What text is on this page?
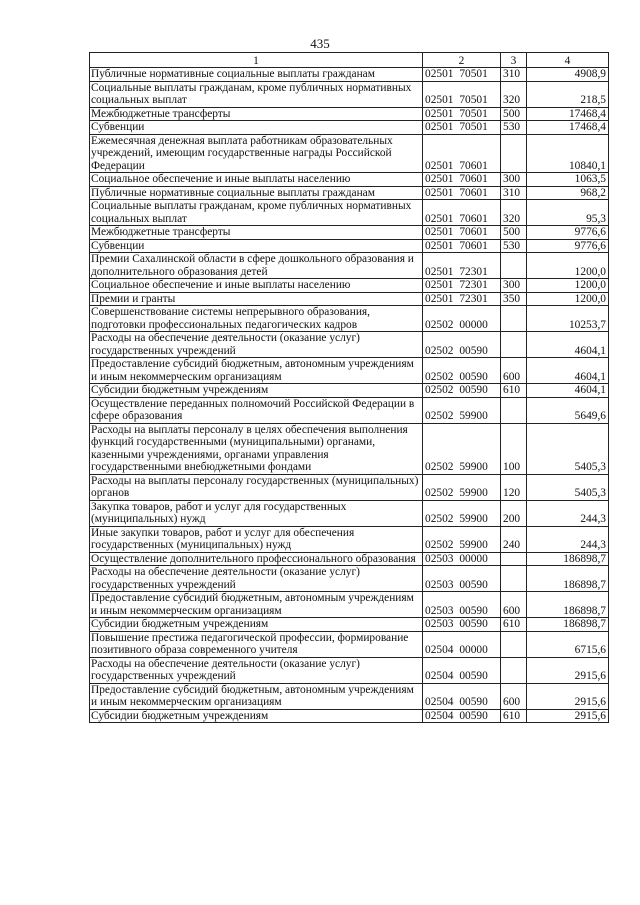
435
1	2	3	4
Публичные нормативные социальные выплаты гражданам	02501 70501	310	4908,9
Социальные выплаты гражданам, кроме публичных нормативных социальных выплат	02501 70501	320	218,5
Межбюджетные трансферты	02501 70501	500	17468,4
Субвенции	02501 70501	530	17468,4
Ежемесячная денежная выплата работникам образовательных учреждений, имеющим государственные награды Российской Федерации	02501 70601		10840,1
Социальное обеспечение и иные выплаты населению	02501 70601	300	1063,5
Публичные нормативные социальные выплаты гражданам	02501 70601	310	968,2
Социальные выплаты гражданам, кроме публичных нормативных социальных выплат	02501 70601	320	95,3
Межбюджетные трансферты	02501 70601	500	9776,6
Субвенции	02501 70601	530	9776,6
Премии Сахалинской области в сфере дошкольного образования и дополнительного образования детей	02501 72301		1200,0
Социальное обеспечение и иные выплаты населению	02501 72301	300	1200,0
Премии и гранты	02501 72301	350	1200,0
Совершенствование системы непрерывного образования, подготовки профессиональных педагогических кадров	02502 00000		10253,7
Расходы на обеспечение деятельности (оказание услуг) государственных учреждений	02502 00590		4604,1
Предоставление субсидий бюджетным, автономным учреждениям и иным некоммерческим организациям	02502 00590	600	4604,1
Субсидии бюджетным учреждениям	02502 00590	610	4604,1
Осуществление переданных полномочий Российской Федерации в сфере образования	02502 59900		5649,6
Расходы на выплаты персоналу в целях обеспечения выполнения функций государственными (муниципальными) органами, казенными учреждениями, органами управления государственными внебюджетными фондами	02502 59900	100	5405,3
Расходы на выплаты персоналу государственных (муниципальных) органов	02502 59900	120	5405,3
Закупка товаров, работ и услуг для государственных (муниципальных) нужд	02502 59900	200	244,3
Иные закупки товаров, работ и услуг для обеспечения государственных (муниципальных) нужд	02502 59900	240	244,3
Осуществление дополнительного профессионального образования	02503 00000		186898,7
Расходы на обеспечение деятельности (оказание услуг) государственных учреждений	02503 00590		186898,7
Предоставление субсидий бюджетным, автономным учреждениям и иным некоммерческим организациям	02503 00590	600	186898,7
Субсидии бюджетным учреждениям	02503 00590	610	186898,7
Повышение престижа педагогической профессии, формирование позитивного образа современного учителя	02504 00000		6715,6
Расходы на обеспечение деятельности (оказание услуг) государственных учреждений	02504 00590		2915,6
Предоставление субсидий бюджетным, автономным учреждениям и иным некоммерческим организациям	02504 00590	600	2915,6
Субсидии бюджетным учреждениям	02504 00590	610	2915,6
